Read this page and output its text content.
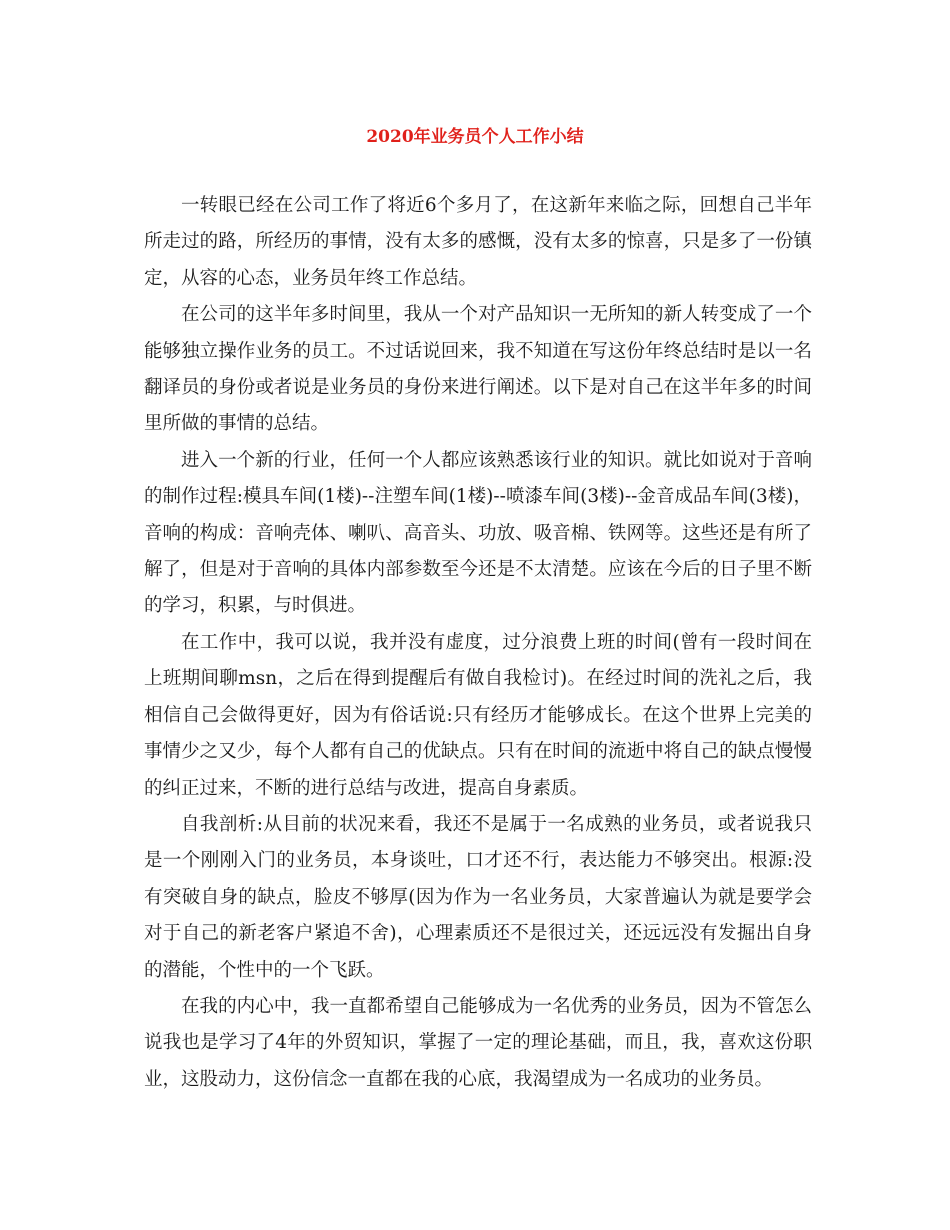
2020年业务员个人工作小结

一转眼已经在公司工作了将近6个多月了，在这新年来临之际，回想自己半年所走过的路，所经历的事情，没有太多的感慨，没有太多的惊喜，只是多了一份镇定，从容的心态，业务员年终工作总结。

在公司的这半年多时间里，我从一个对产品知识一无所知的新人转变成了一个能够独立操作业务的员工。不过话说回来，我不知道在写这份年终总结时是以一名翻译员的身份或者说是业务员的身份来进行阐述。以下是对自己在这半年多的时间里所做的事情的总结。

进入一个新的行业，任何一个人都应该熟悉该行业的知识。就比如说对于音响的制作过程:模具车间(1楼)--注塑车间(1楼)--喷漆车间(3楼)--金音成品车间(3楼)，音响的构成：音响壳体、喇叭、高音头、功放、吸音棉、铁网等。这些还是有所了解了，但是对于音响的具体内部参数至今还是不太清楚。应该在今后的日子里不断的学习，积累，与时俱进。

在工作中，我可以说，我并没有虚度，过分浪费上班的时间(曾有一段时间在上班期间聊msn，之后在得到提醒后有做自我检讨)。在经过时间的洗礼之后，我相信自己会做得更好，因为有俗话说:只有经历才能够成长。在这个世界上完美的事情少之又少，每个人都有自己的优缺点。只有在时间的流逝中将自己的缺点慢慢的纠正过来，不断的进行总结与改进，提高自身素质。

自我剖析:从目前的状况来看，我还不是属于一名成熟的业务员，或者说我只是一个刚刚入门的业务员，本身谈吐，口才还不行，表达能力不够突出。根源:没有突破自身的缺点，脸皮不够厚(因为作为一名业务员，大家普遍认为就是要学会对于自己的新老客户紧追不舍)，心理素质还不是很过关，还远远没有发掘出自身的潜能，个性中的一个飞跃。

在我的内心中，我一直都希望自己能够成为一名优秀的业务员，因为不管怎么说我也是学习了4年的外贸知识，掌握了一定的理论基础，而且，我，喜欢这份职业，这股动力，这份信念一直都在我的心底，我渴望成为一名成功的业务员。
